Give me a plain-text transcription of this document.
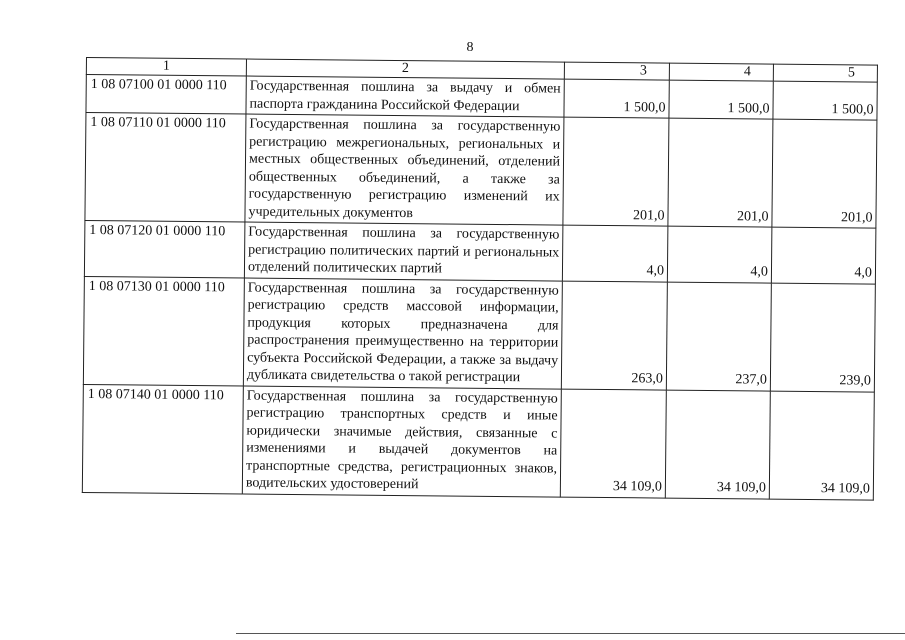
8
1	2	3	4	5
1 08 07100 01 0000 110	Государственная пошлина за выдачу и обмен паспорта гражданина Российской Федерации	1 500,0	1 500,0	1 500,0
1 08 07110 01 0000 110	Государственная пошлина за государственную регистрацию межрегиональных, региональных и местных общественных объединений, отделений общественных объединений, а также за государственную регистрацию изменений их учредительных документов	201,0	201,0	201,0
1 08 07120 01 0000 110	Государственная пошлина за государственную регистрацию политических партий и региональных отделений политических партий	4,0	4,0	4,0
1 08 07130 01 0000 110	Государственная пошлина за государственную регистрацию средств массовой информации, продукция которых предназначена для распространения преимущественно на территории субъекта Российской Федерации, а также за выдачу дубликата свидетельства о такой регистрации	263,0	237,0	239,0
1 08 07140 01 0000 110	Государственная пошлина за государственную регистрацию транспортных средств и иные юридически значимые действия, связанные с изменениями и выдачей документов на транспортные средства, регистрационных знаков, водительских удостоверений	34 109,0	34 109,0	34 109,0
